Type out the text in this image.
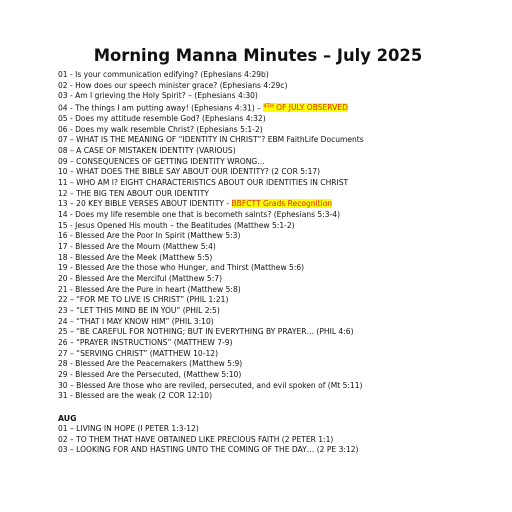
Morning Manna Minutes – July 2025
01 - Is your communication edifying? (Ephesians 4:29b)
02 - How does our speech minister grace? (Ephesians 4:29c)
03 - Am I grieving the Holy Spirit? – (Ephesians 4:30)
04 - The things I am putting away! (Ephesians 4:31) – $^{4TH}$ OF JULY OBSERVED
05 - Does my attitude resemble God? (Ephesians 4:32)
06 - Does my walk resemble Christ? (Ephesians 5:1-2)
07 – WHAT IS THE MEANING OF “IDENTITY IN CHRIST”? EBM FaithLife Documents
08 – A CASE OF MISTAKEN IDENTITY (VARIOUS)
09 – CONSEQUENCES OF GETTING IDENTITY WRONG…
10 – WHAT DOES THE BIBLE SAY ABOUT OUR IDENTITY? (2 COR 5:17)
11 – WHO AM I? EIGHT CHARACTERISTICS ABOUT OUR IDENTITIES IN CHRIST
12 – THE BIG TEN ABOUT OUR IDENTITY
13 – 20 KEY BIBLE VERSES ABOUT IDENTITY - BBFCTT Grads Recognition
14 - Does my life resemble one that is becometh saints? (Ephesians 5:3-4)
15 - Jesus Opened His mouth – the Beatitudes (Matthew 5:1-2)
16 - Blessed Are the Poor In Spirit (Matthew 5:3)
17 - Blessed Are the Mourn (Matthew 5:4)
18 - Blessed Are the Meek (Matthew 5:5)
19 - Blessed Are the those who Hunger, and Thirst (Matthew 5:6)
20 - Blessed Are the Merciful (Matthew 5:7)
21 - Blessed Are the Pure in heart (Matthew 5:8)
22 – “FOR ME TO LIVE IS CHRIST” (PHIL 1:21)
23 – “LET THIS MIND BE IN YOU” (PHIL 2:5)
24 – “THAT I MAY KNOW HIM” (PHIL 3:10)
25 – “BE CAREFUL FOR NOTHING; BUT IN EVERYTHING BY PRAYER… (PHIL 4:6)
26 – “PRAYER INSTRUCTIONS” (MATTHEW 7-9)
27 – “SERVING CHRIST” (MATTHEW 10-12)
28 - Blessed Are the Peacemakers (Matthew 5:9)
29 - Blessed Are the Persecuted, (Matthew 5:10)
30 – Blessed Are those who are reviled, persecuted, and evil spoken of (Mt 5:11)
31 - Blessed are the weak (2 COR 12:10)
AUG
01 – LIVING IN HOPE (I PETER 1:3-12)
02 – TO THEM THAT HAVE OBTAINED LIKE PRECIOUS FAITH (2 PETER 1:1)
03 – LOOKING FOR AND HASTING UNTO THE COMING OF THE DAY… (2 PE 3:12)
